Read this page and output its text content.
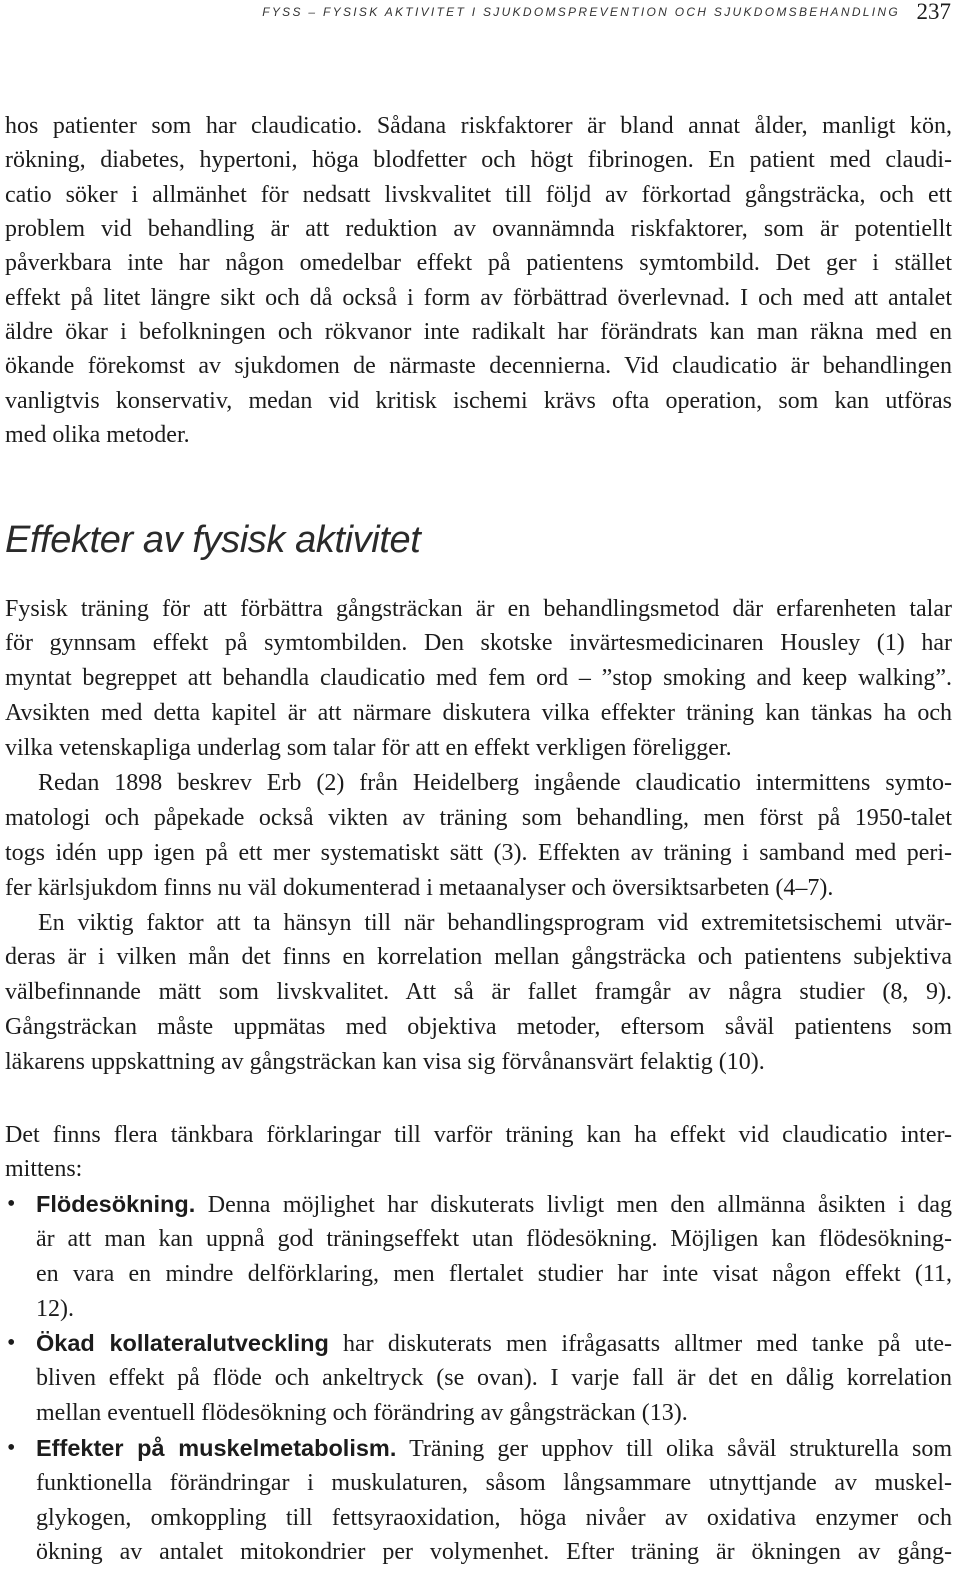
FYSS – FYSISK AKTIVITET I SJUKDOMSPREVENTION OCH SJUKDOMSBEHANDLING 237
hos patienter som har claudicatio. Sådana riskfaktorer är bland annat ålder, manligt kön,
rökning, diabetes, hypertoni, höga blodfetter och högt fibrinogen. En patient med claudi-
catio söker i allmänhet för nedsatt livskvalitet till följd av förkortad gångsträcka, och ett
problem vid behandling är att reduktion av ovannämnda riskfaktorer, som är potentiellt
påverkbara inte har någon omedelbar effekt på patientens symtombild. Det ger i stället
effekt på litet längre sikt och då också i form av förbättrad överlevnad. I och med att antalet
äldre ökar i befolkningen och rökvanor inte radikalt har förändrats kan man räkna med en
ökande förekomst av sjukdomen de närmaste decennierna. Vid claudicatio är behandlingen
vanligtvis konservativ, medan vid kritisk ischemi krävs ofta operation, som kan utföras
med olika metoder.
Effekter av fysisk aktivitet
Fysisk träning för att förbättra gångsträckan är en behandlingsmetod där erfarenheten talar
för gynnsam effekt på symtombilden. Den skotske invärtesmedicinaren Housley (1) har
myntat begreppet att behandla claudicatio med fem ord – ”stop smoking and keep walking”.
Avsikten med detta kapitel är att närmare diskutera vilka effekter träning kan tänkas ha och
vilka vetenskapliga underlag som talar för att en effekt verkligen föreligger.
Redan 1898 beskrev Erb (2) från Heidelberg ingående claudicatio intermittens symto-
matologi och påpekade också vikten av träning som behandling, men först på 1950-talet
togs idén upp igen på ett mer systematiskt sätt (3). Effekten av träning i samband med peri-
fer kärlsjukdom finns nu väl dokumenterad i metaanalyser och översiktsarbeten (4–7).
En viktig faktor att ta hänsyn till när behandlingsprogram vid extremitetsischemi utvär-
deras är i vilken mån det finns en korrelation mellan gångsträcka och patientens subjektiva
välbefinnande mätt som livskvalitet. Att så är fallet framgår av några studier (8, 9).
Gångsträckan måste uppmätas med objektiva metoder, eftersom såväl patientens som
läkarens uppskattning av gångsträckan kan visa sig förvånansvärt felaktig (10).
Det finns flera tänkbara förklaringar till varför träning kan ha effekt vid claudicatio inter-
mittens:
• Flödesökning. Denna möjlighet har diskuterats livligt men den allmänna åsikten i dag
är att man kan uppnå god träningseffekt utan flödesökning. Möjligen kan flödesökning-
en vara en mindre delförklaring, men flertalet studier har inte visat någon effekt (11,
12).
• Ökad kollateralutveckling har diskuterats men ifrågasatts alltmer med tanke på ute-
bliven effekt på flöde och ankeltryck (se ovan). I varje fall är det en dålig korrelation
mellan eventuell flödesökning och förändring av gångsträckan (13).
• Effekter på muskelmetabolism. Träning ger upphov till olika såväl strukturella som
funktionella förändringar i muskulaturen, såsom långsammare utnyttjande av muskel-
glykogen, omkoppling till fettsyraoxidation, höga nivåer av oxidativa enzymer och
ökning av antalet mitokondrier per volymenhet. Efter träning är ökningen av gång-
